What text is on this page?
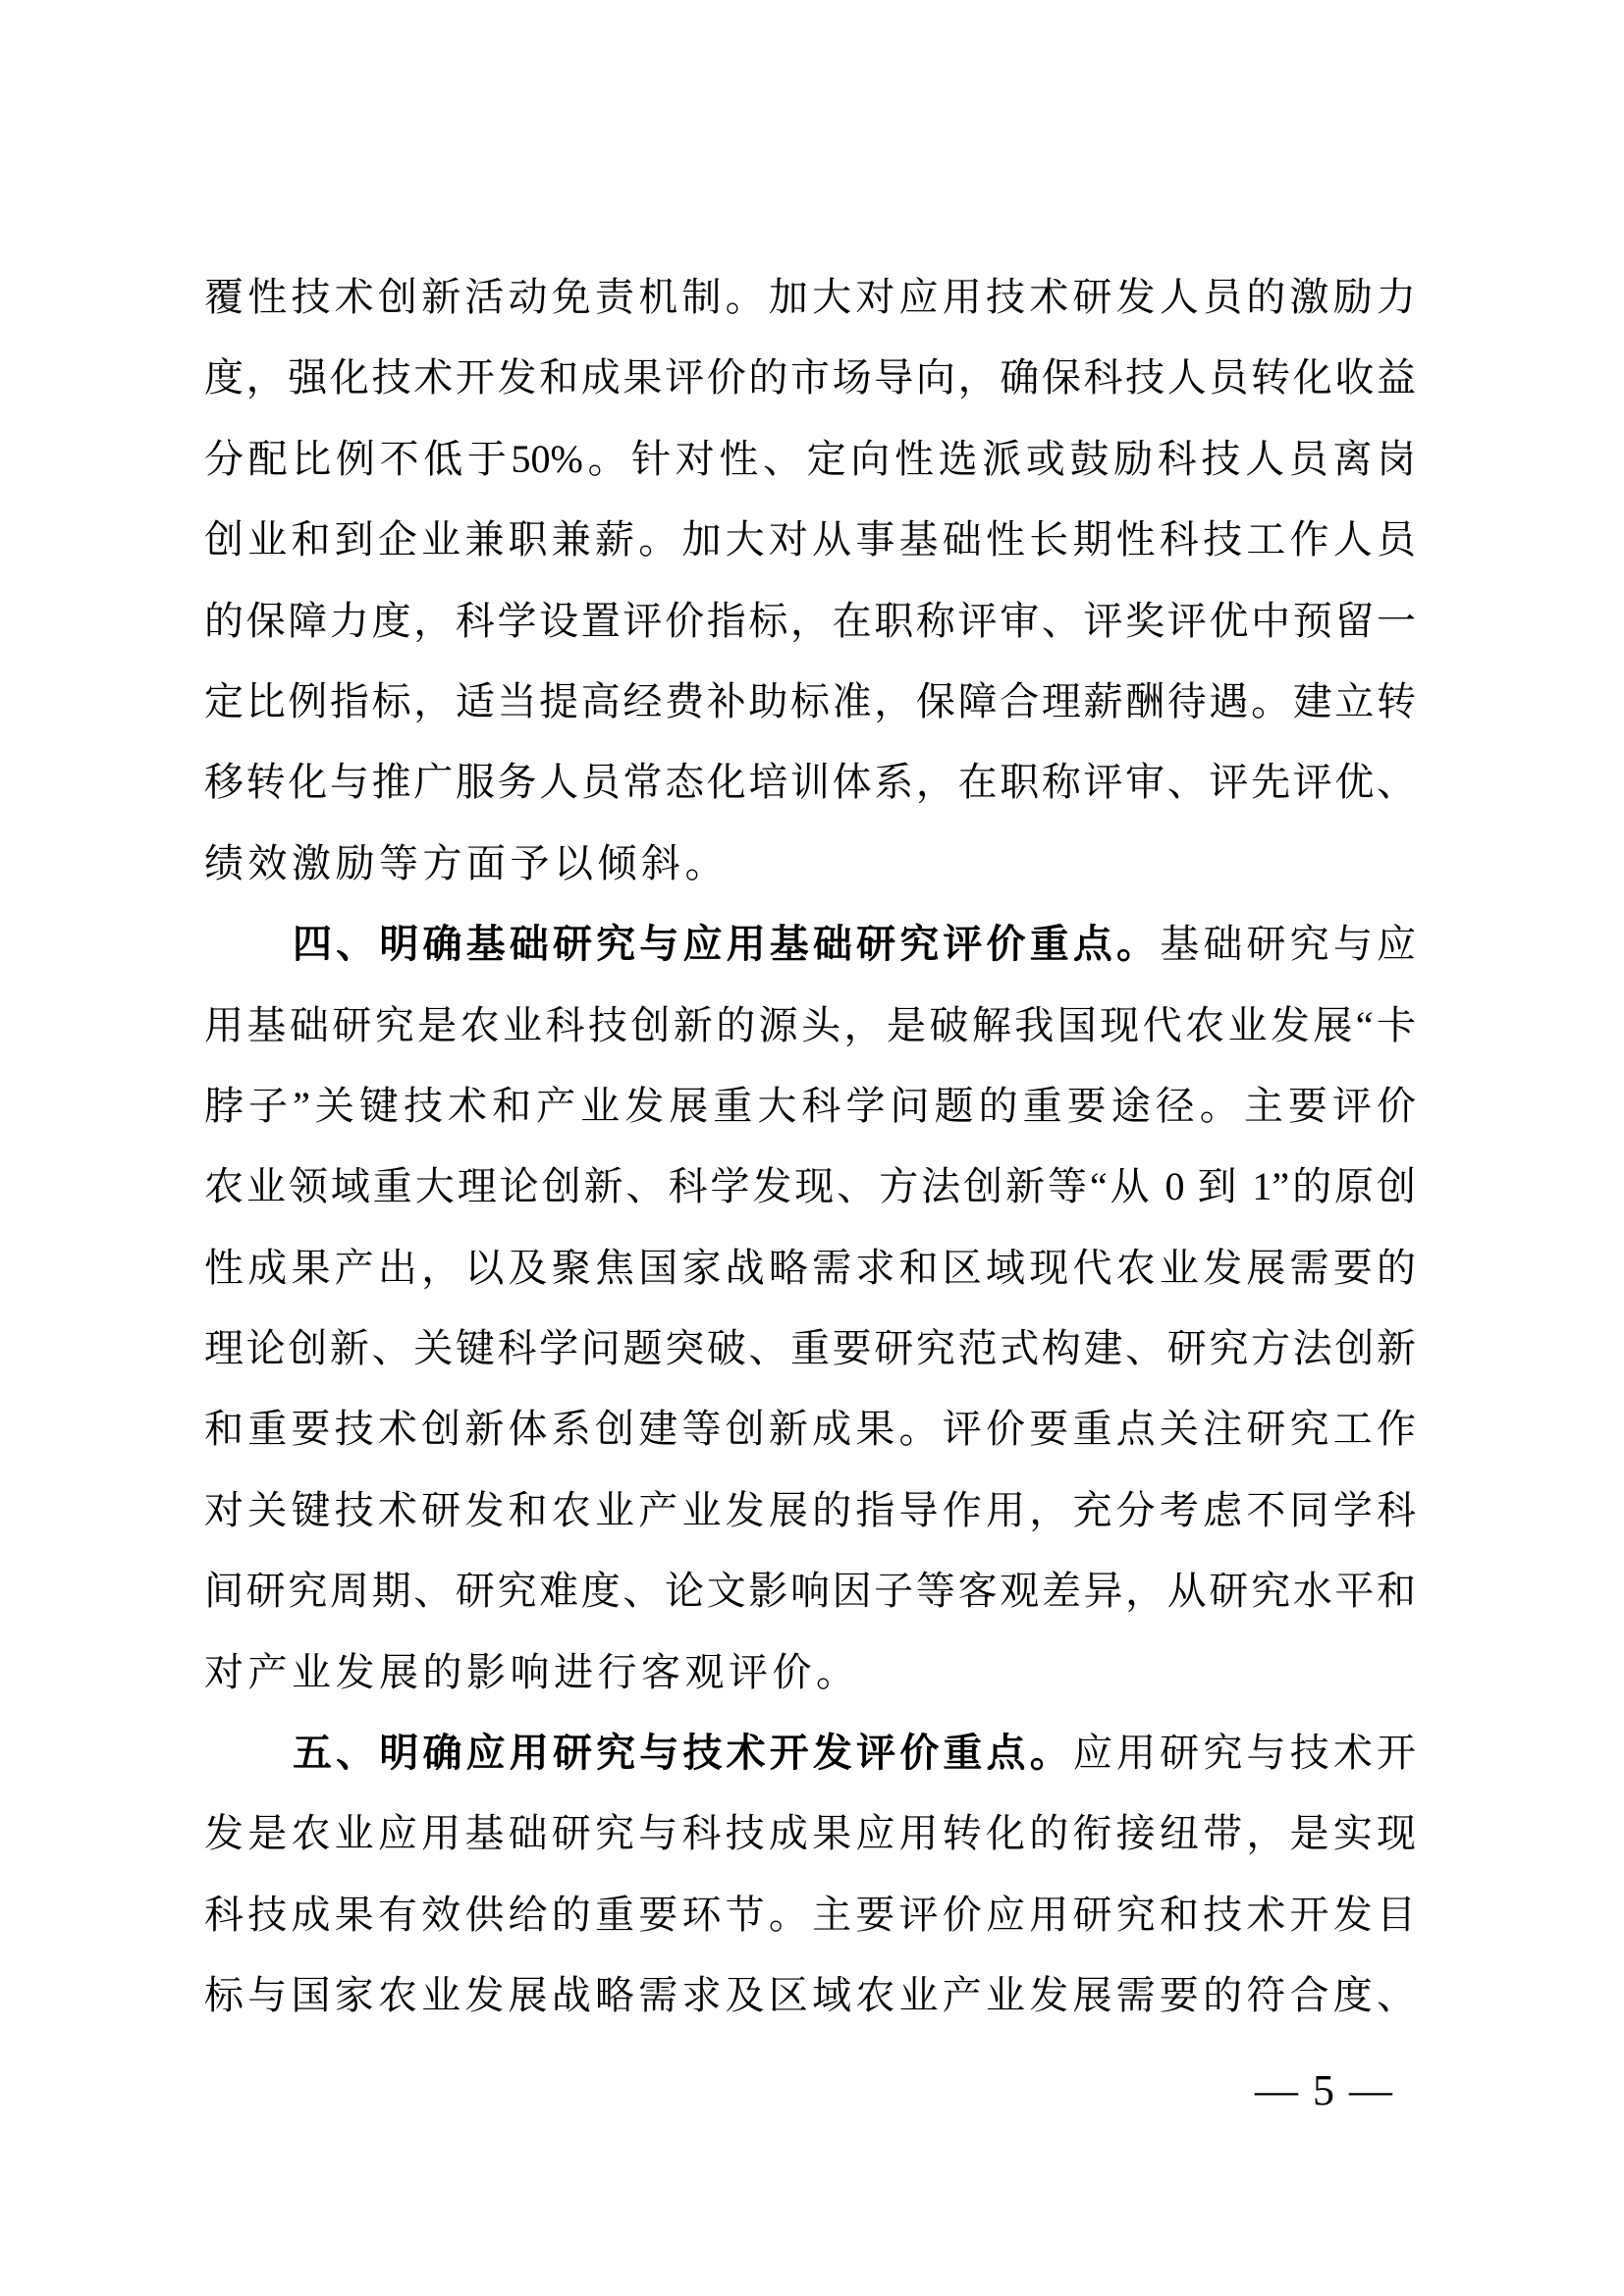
覆性技术创新活动免责机制。加大对应用技术研发人员的激励力
度，强化技术开发和成果评价的市场导向，确保科技人员转化收益
分配比例不低于50%。针对性、定向性选派或鼓励科技人员离岗
创业和到企业兼职兼薪。加大对从事基础性长期性科技工作人员
的保障力度，科学设置评价指标，在职称评审、评奖评优中预留一
定比例指标，适当提高经费补助标准，保障合理薪酬待遇。建立转
移转化与推广服务人员常态化培训体系，在职称评审、评先评优、
绩效激励等方面予以倾斜。
四、明确基础研究与应用基础研究评价重点。基础研究与应
用基础研究是农业科技创新的源头，是破解我国现代农业发展“卡
脖子”关键技术和产业发展重大科学问题的重要途径。主要评价
农业领域重大理论创新、科学发现、方法创新等“从 0 到 1”的原创
性成果产出，以及聚焦国家战略需求和区域现代农业发展需要的
理论创新、关键科学问题突破、重要研究范式构建、研究方法创新
和重要技术创新体系创建等创新成果。评价要重点关注研究工作
对关键技术研发和农业产业发展的指导作用，充分考虑不同学科
间研究周期、研究难度、论文影响因子等客观差异，从研究水平和
对产业发展的影响进行客观评价。
五、明确应用研究与技术开发评价重点。应用研究与技术开
发是农业应用基础研究与科技成果应用转化的衔接纽带，是实现
科技成果有效供给的重要环节。主要评价应用研究和技术开发目
标与国家农业发展战略需求及区域农业产业发展需要的符合度、
— 5 —
